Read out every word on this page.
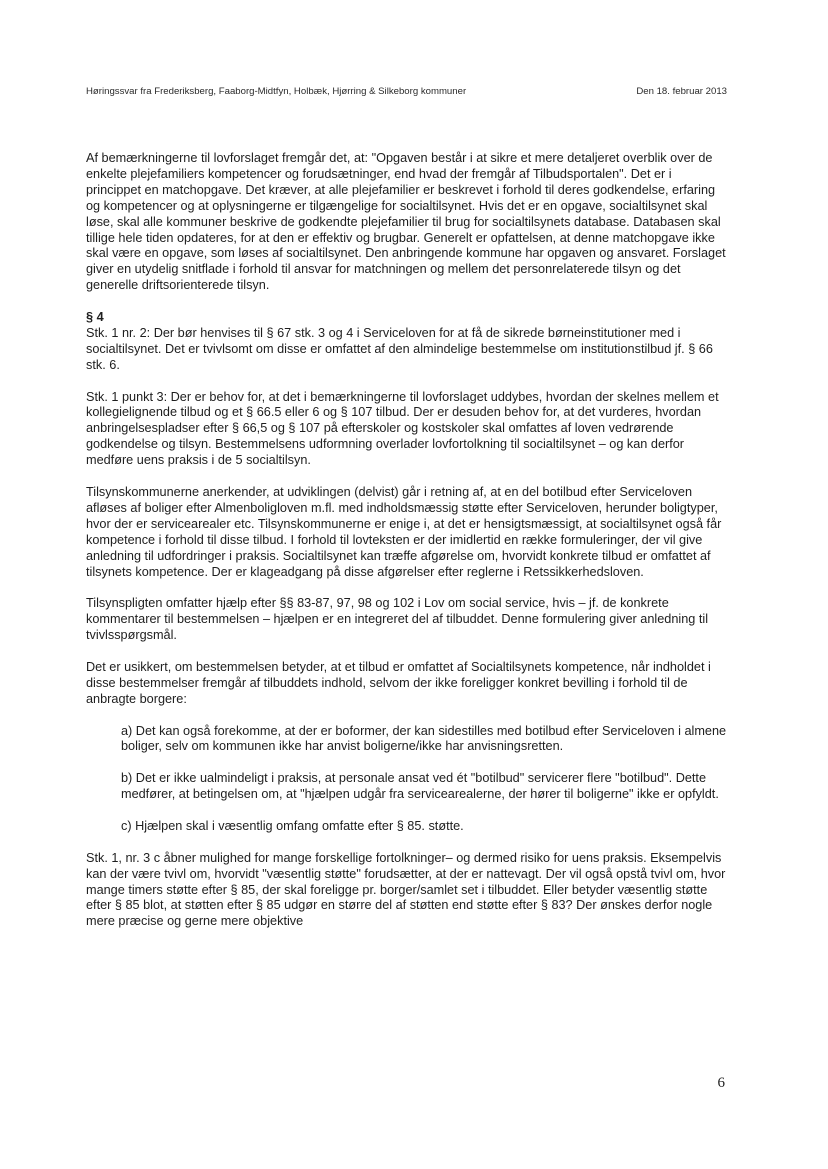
Høringssvar fra Frederiksberg, Faaborg-Midtfyn, Holbæk, Hjørring & Silkeborg kommuner	Den 18. februar 2013

Af bemærkningerne til lovforslaget fremgår det, at: "Opgaven består i at sikre et mere detaljeret overblik over de enkelte plejefamiliers kompetencer og forudsætninger, end hvad der fremgår af Tilbudsportalen". Det er i princippet en matchopgave. Det kræver, at alle plejefamilier er beskrevet i forhold til deres godkendelse, erfaring og kompetencer og at oplysningerne er tilgængelige for socialtilsynet. Hvis det er en opgave, socialtilsynet skal løse, skal alle kommuner beskrive de godkendte plejefamilier til brug for socialtilsynets database. Databasen skal tillige hele tiden opdateres, for at den er effektiv og brugbar. Generelt er opfattelsen, at denne matchopgave ikke skal være en opgave, som løses af socialtilsynet. Den anbringende kommune har opgaven og ansvaret. Forslaget giver en utydelig snitflade i forhold til ansvar for matchningen og mellem det personrelaterede tilsyn og det generelle driftsorienterede tilsyn.

§ 4

Stk. 1 nr. 2: Der bør henvises til § 67 stk. 3 og 4 i Serviceloven for at få de sikrede børneinstitutioner med i socialtilsynet. Det er tvivlsomt om disse er omfattet af den almindelige bestemmelse om institutionstilbud jf. § 66 stk. 6.

Stk. 1 punkt 3: Der er behov for, at det i bemærkningerne til lovforslaget uddybes, hvordan der skelnes mellem et kollegielignende tilbud og et § 66.5 eller 6 og § 107 tilbud. Der er desuden behov for, at det vurderes, hvordan anbringelsespladser efter § 66,5 og § 107 på efterskoler og kostskoler skal omfattes af loven vedrørende godkendelse og tilsyn. Bestemmelsens udformning overlader lovfortolkning til socialtilsynet – og kan derfor medføre uens praksis i de 5 socialtilsyn.

Tilsynskommunerne anerkender, at udviklingen (delvist) går i retning af, at en del botilbud efter Serviceloven afløses af boliger efter Almenboligloven m.fl. med indholdsmæssig støtte efter Serviceloven, herunder boligtyper, hvor der er servicearealer etc. Tilsynskommunerne er enige i, at det er hensigtsmæssigt, at socialtilsynet også får kompetence i forhold til disse tilbud. I forhold til lovteksten er der imidlertid en række formuleringer, der vil give anledning til udfordringer i praksis. Socialtilsynet kan træffe afgørelse om, hvorvidt konkrete tilbud er omfattet af tilsynets kompetence. Der er klageadgang på disse afgørelser efter reglerne i Retssikkerhedsloven.

Tilsynspligten omfatter hjælp efter §§ 83-87, 97, 98 og 102 i Lov om social service, hvis – jf. de konkrete kommentarer til bestemmelsen – hjælpen er en integreret del af tilbuddet. Denne formulering giver anledning til tvivlsspørgsmål.

Det er usikkert, om bestemmelsen betyder, at et tilbud er omfattet af Socialtilsynets kompetence, når indholdet i disse bestemmelser fremgår af tilbuddets indhold, selvom der ikke foreligger konkret bevilling i forhold til de anbragte borgere:

a) Det kan også forekomme, at der er boformer, der kan sidestilles med botilbud efter Serviceloven i almene boliger, selv om kommunen ikke har anvist boligerne/ikke har anvisningsretten.

b) Det er ikke ualmindeligt i praksis, at personale ansat ved ét "botilbud" servicerer flere "botilbud". Dette medfører, at betingelsen om, at "hjælpen udgår fra servicearealerne, der hører til boligerne" ikke er opfyldt.

c) Hjælpen skal i væsentlig omfang omfatte efter § 85. støtte.

Stk. 1, nr. 3 c åbner mulighed for mange forskellige fortolkninger– og dermed risiko for uens praksis. Eksempelvis kan der være tvivl om, hvorvidt "væsentlig støtte" forudsætter, at der er nattevagt. Der vil også opstå tvivl om, hvor mange timers støtte efter § 85, der skal foreligge pr. borger/samlet set i tilbuddet. Eller betyder væsentlig støtte efter § 85 blot, at støtten efter § 85 udgør en større del af støtten end støtte efter § 83? Der ønskes derfor nogle mere præcise og gerne mere objektive

6
